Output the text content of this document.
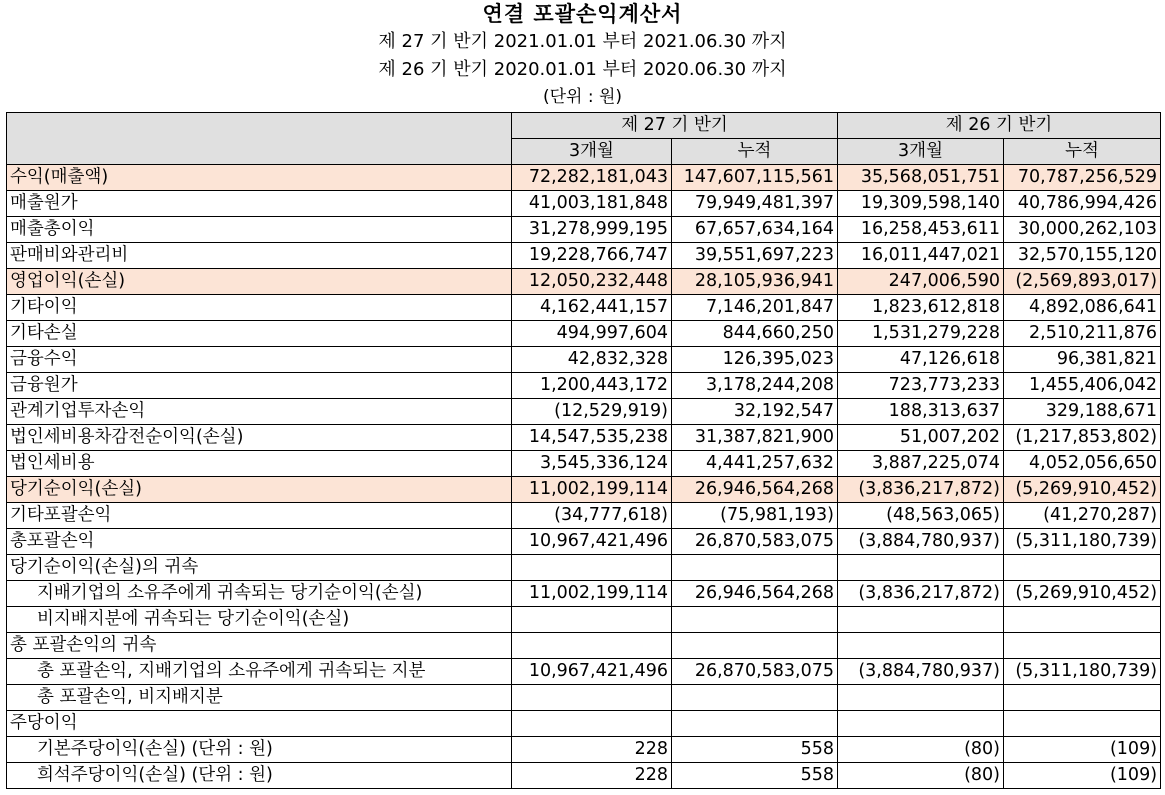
연결 포괄손익계산서
제 27 기 반기 2021.01.01 부터 2021.06.30 까지
제 26 기 반기 2020.01.01 부터 2020.06.30 까지
(단위 : 원)
	제 27 기 반기		제 26 기 반기	
	3개월	누적	3개월	누적
수익(매출액)	72,282,181,043	147,607,115,561	35,568,051,751	70,787,256,529
매출원가	41,003,181,848	79,949,481,397	19,309,598,140	40,786,994,426
매출총이익	31,278,999,195	67,657,634,164	16,258,453,611	30,000,262,103
판매비와관리비	19,228,766,747	39,551,697,223	16,011,447,021	32,570,155,120
영업이익(손실)	12,050,232,448	28,105,936,941	247,006,590	(2,569,893,017)
기타이익	4,162,441,157	7,146,201,847	1,823,612,818	4,892,086,641
기타손실	494,997,604	844,660,250	1,531,279,228	2,510,211,876
금융수익	42,832,328	126,395,023	47,126,618	96,381,821
금융원가	1,200,443,172	3,178,244,208	723,773,233	1,455,406,042
관계기업투자손익	(12,529,919)	32,192,547	188,313,637	329,188,671
법인세비용차감전순이익(손실)	14,547,535,238	31,387,821,900	51,007,202	(1,217,853,802)
법인세비용	3,545,336,124	4,441,257,632	3,887,225,074	4,052,056,650
당기순이익(손실)	11,002,199,114	26,946,564,268	(3,836,217,872)	(5,269,910,452)
기타포괄손익	(34,777,618)	(75,981,193)	(48,563,065)	(41,270,287)
총포괄손익	10,967,421,496	26,870,583,075	(3,884,780,937)	(5,311,180,739)
당기순이익(손실)의 귀속				
지배기업의 소유주에게 귀속되는 당기순이익(손실)	11,002,199,114	26,946,564,268	(3,836,217,872)	(5,269,910,452)
비지배지분에 귀속되는 당기순이익(손실)				
총 포괄손익의 귀속				
총 포괄손익, 지배기업의 소유주에게 귀속되는 지분	10,967,421,496	26,870,583,075	(3,884,780,937)	(5,311,180,739)
총 포괄손익, 비지배지분				
주당이익				
기본주당이익(손실) (단위 : 원)	228	558	(80)	(109)
희석주당이익(손실) (단위 : 원)	228	558	(80)	(109)
